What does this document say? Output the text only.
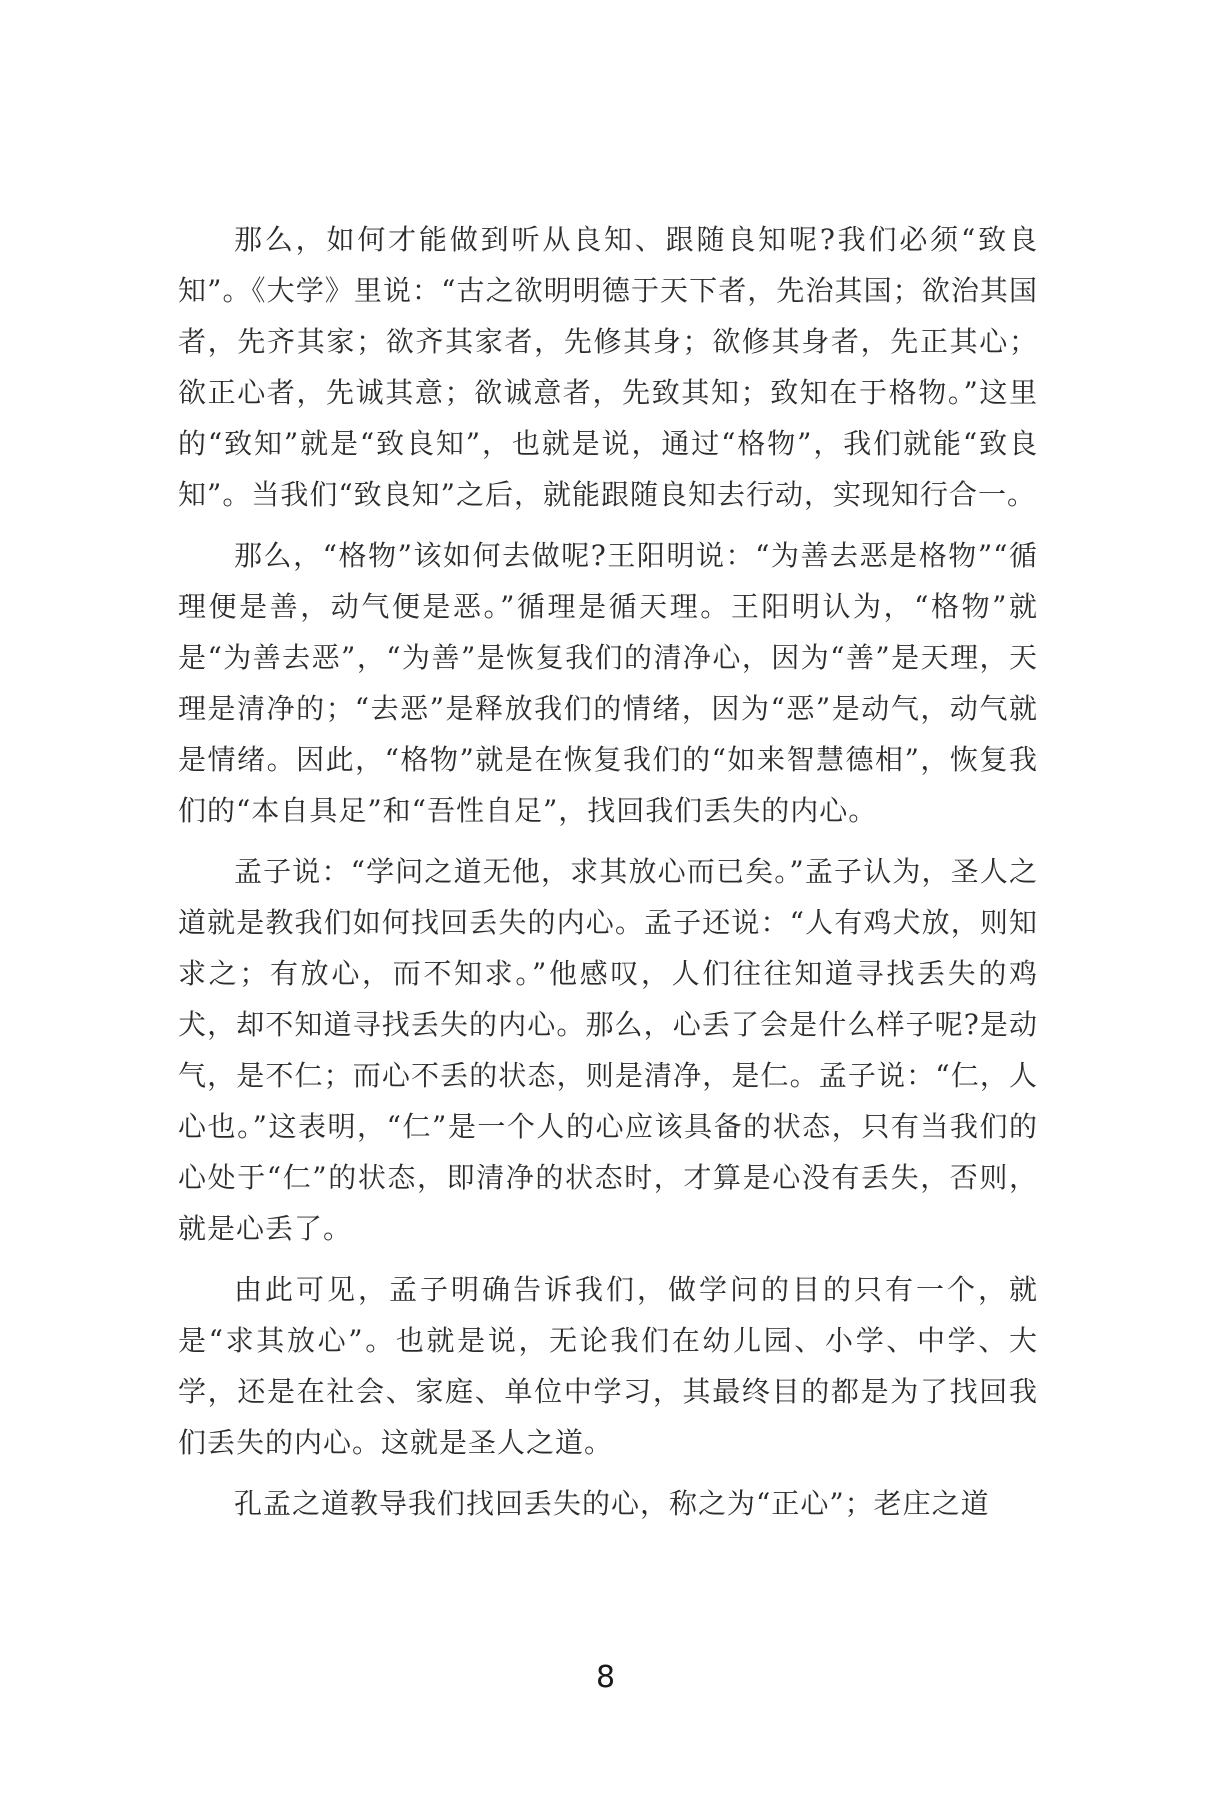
那么，如何才能做到听从良知、跟随良知呢?我们必须“致良知”。《大学》里说：“古之欲明明德于天下者，先治其国；欲治其国者，先齐其家；欲齐其家者，先修其身；欲修其身者，先正其心；欲正心者，先诚其意；欲诚意者，先致其知；致知在于格物。”这里的“致知”就是“致良知”，也就是说，通过“格物”，我们就能“致良知”。当我们“致良知”之后，就能跟随良知去行动，实现知行合一。

那么，“格物”该如何去做呢?王阳明说：“为善去恶是格物”“循理便是善，动气便是恶。”循理是循天理。王阳明认为，“格物”就是“为善去恶”，“为善”是恢复我们的清净心，因为“善”是天理，天理是清净的；“去恶”是释放我们的情绪，因为“恶”是动气，动气就是情绪。因此，“格物”就是在恢复我们的“如来智慧德相”，恢复我们的“本自具足”和“吾性自足”，找回我们丢失的内心。

孟子说：“学问之道无他，求其放心而已矣。”孟子认为，圣人之道就是教我们如何找回丢失的内心。孟子还说：“人有鸡犬放，则知求之；有放心，而不知求。”他感叹，人们往往知道寻找丢失的鸡犬，却不知道寻找丢失的内心。那么，心丢了会是什么样子呢?是动气，是不仁；而心不丢的状态，则是清净，是仁。孟子说：“仁，人心也。”这表明，“仁”是一个人的心应该具备的状态，只有当我们的心处于“仁”的状态，即清净的状态时，才算是心没有丢失，否则，就是心丢了。

由此可见，孟子明确告诉我们，做学问的目的只有一个，就是“求其放心”。也就是说，无论我们在幼儿园、小学、中学、大学，还是在社会、家庭、单位中学习，其最终目的都是为了找回我们丢失的内心。这就是圣人之道。

孔孟之道教导我们找回丢失的心，称之为“正心”；老庄之道

8
